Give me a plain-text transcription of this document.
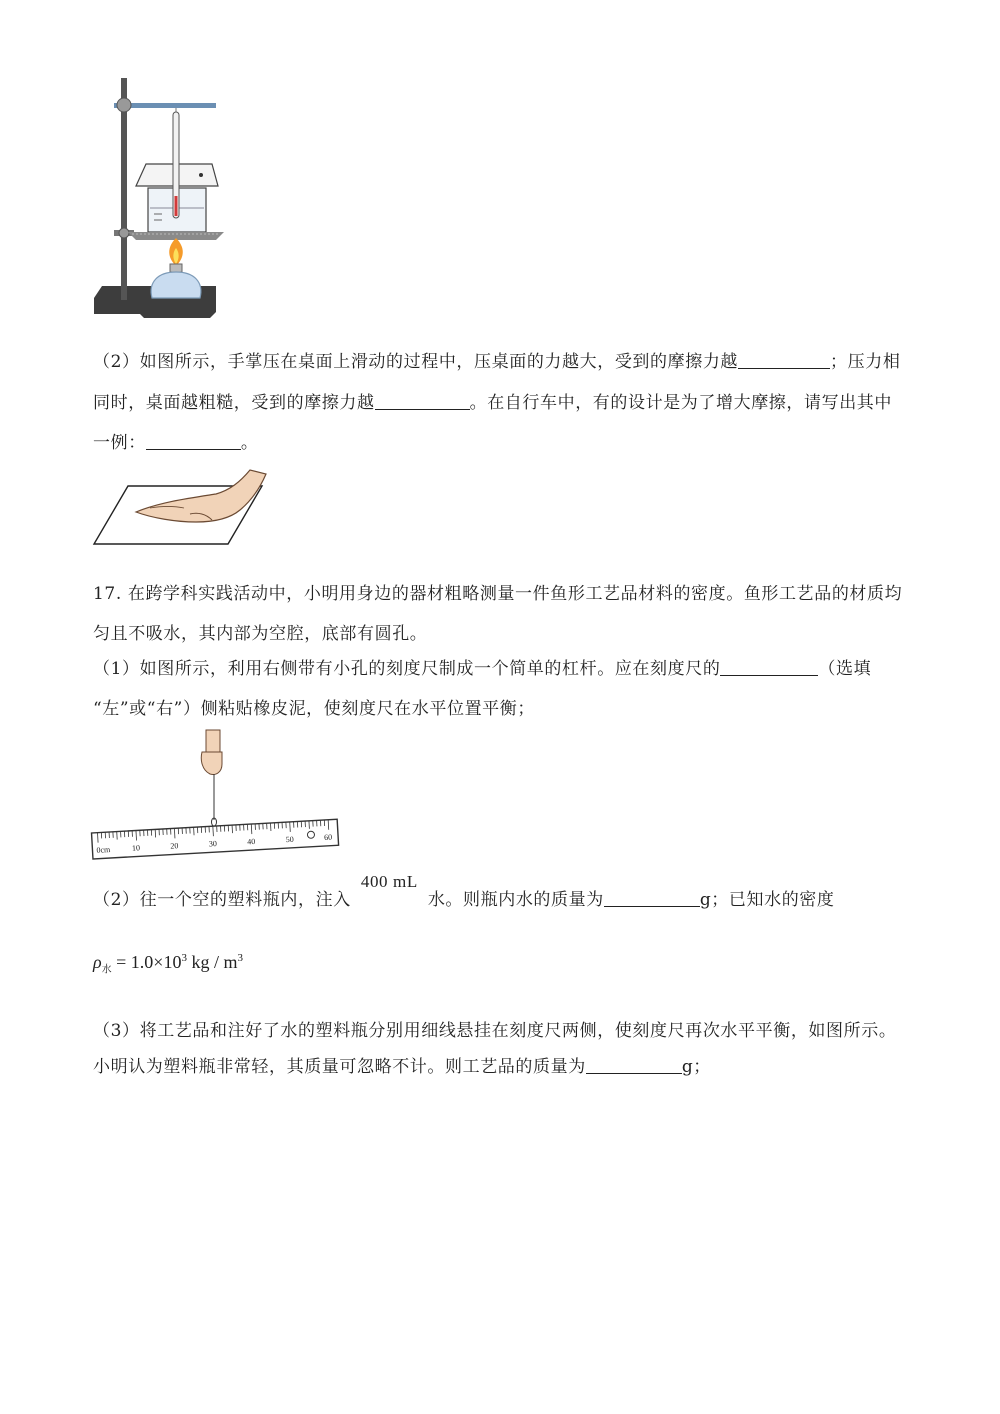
（2）如图所示，手掌压在桌面上滑动的过程中，压桌面的力越大，受到的摩擦力越	；压力相
同时，桌面越粗糙，受到的摩擦力越	。在自行车中，有的设计是为了增大摩擦，请写出其中
一例：	。
17. 在跨学科实践活动中，小明用身边的器材粗略测量一件鱼形工艺品材料的密度。鱼形工艺品的材质均
匀且不吸水，其内部为空腔，底部有圆孔。
（1）如图所示，利用右侧带有小孔的刻度尺制成一个简单的杠杆。应在刻度尺的	（选填
“左”或“右”）侧粘贴橡皮泥，使刻度尺在水平位置平衡；
0cm	10	20	30	40	50	60
（2）往一个空的塑料瓶内，注入 400 mL 水。则瓶内水的质量为	g；已知水的密度
$\rho_水 = 1.0\times 10^3$ kg / $m^3$
（3）将工艺品和注好了水的塑料瓶分别用细线悬挂在刻度尺两侧，使刻度尺再次水平平衡，如图所示。
小明认为塑料瓶非常轻，其质量可忽略不计。则工艺品的质量为	g；
